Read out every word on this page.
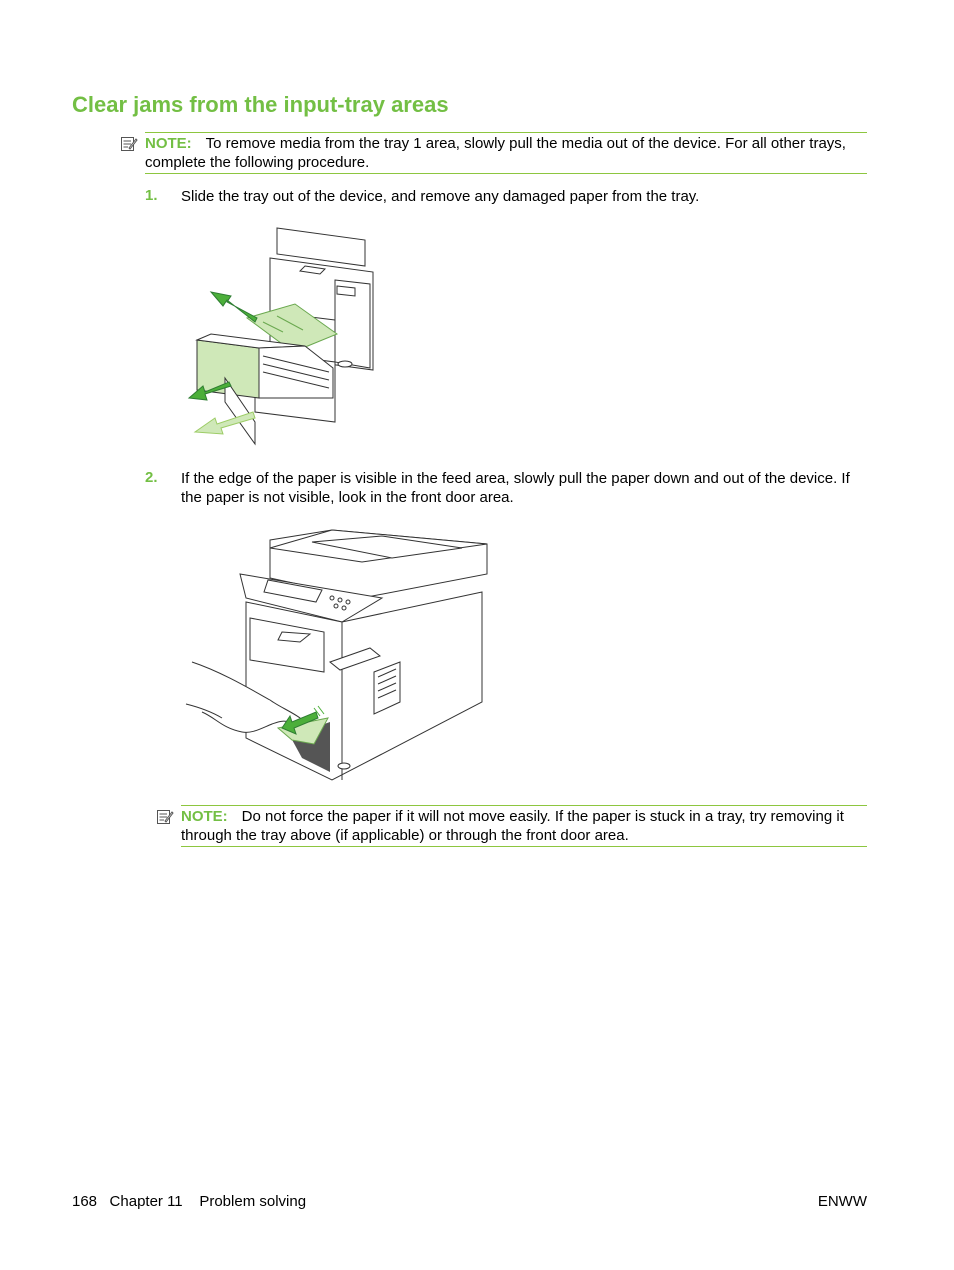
Clear jams from the input-tray areas
NOTE: To remove media from the tray 1 area, slowly pull the media out of the device. For all other trays, complete the following procedure.
1. Slide the tray out of the device, and remove any damaged paper from the tray.
2. If the edge of the paper is visible in the feed area, slowly pull the paper down and out of the device. If the paper is not visible, look in the front door area.
NOTE: Do not force the paper if it will not move easily. If the paper is stuck in a tray, try removing it through the tray above (if applicable) or through the front door area.
168 Chapter 11 Problem solving	ENWW
